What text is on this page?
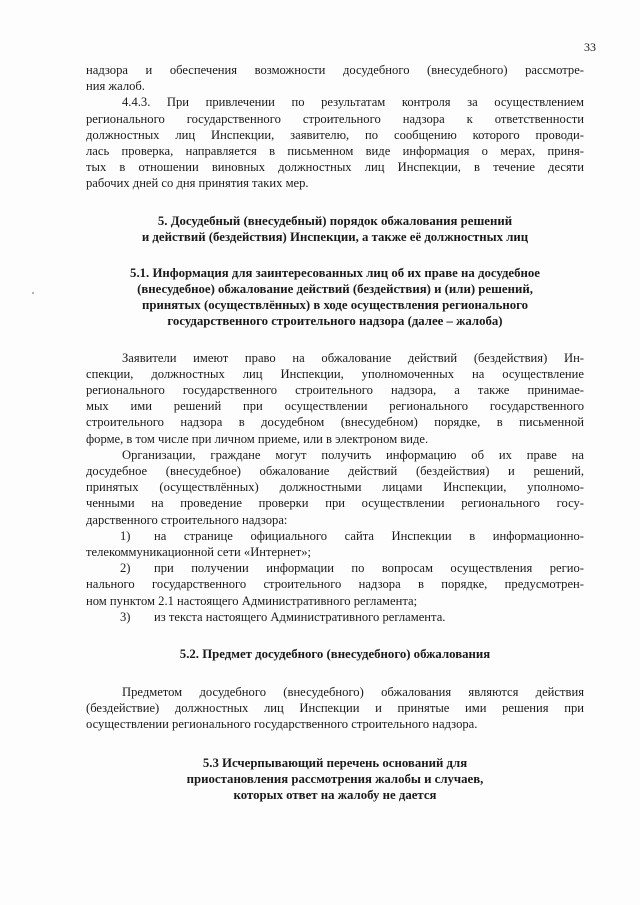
33

надзора и обеспечения возможности досудебного (внесудебного) рассмотре-
ния жалоб.

4.4.3. При привлечении по результатам контроля за осуществлением
регионального государственного строительного надзора к ответственности
должностных лиц Инспекции, заявителю, по сообщению которого проводи-
лась проверка, направляется в письменном виде информация о мерах, приня-
тых в отношении виновных должностных лиц Инспекции, в течение десяти
рабочих дней со дня принятия таких мер.

5. Досудебный (внесудебный) порядок обжалования решений
и действий (бездействия) Инспекции, а также её должностных лиц
5.1. Информация для заинтересованных лиц об их праве на досудебное
(внесудебное) обжалование действий (бездействия) и (или) решений,
принятых (осуществлённых) в ходе осуществления регионального
государственного строительного надзора (далее – жалоба)

Заявители имеют право на обжалование действий (бездействия) Ин-
спекции, должностных лиц Инспекции, уполномоченных на осуществление
регионального государственного строительного надзора, а также принимае-
мых ими решений при осуществлении регионального государственного
строительного надзора в досудебном (внесудебном) порядке, в письменной
форме, в том числе при личном приеме, или в электроном виде.

Организации, граждане могут получить информацию об их праве на
досудебное (внесудебное) обжалование действий (бездействия) и решений,
принятых (осуществлённых) должностными лицами Инспекции, уполномо-
ченными на проведение проверки при осуществлении регионального госу-
дарственного строительного надзора:

1) на странице официального сайта Инспекции в информационно-
телекоммуникационной сети «Интернет»;

2) при получении информации по вопросам осуществления регио-
нального государственного строительного надзора в порядке, предусмотрен-
ном пунктом 2.1 настоящего Административного регламента;

3) из текста настоящего Административного регламента.

5.2. Предмет досудебного (внесудебного) обжалования

Предметом досудебного (внесудебного) обжалования являются действия
(бездействие) должностных лиц Инспекции и принятые ими решения при
осуществлении регионального государственного строительного надзора.

5.3 Исчерпывающий перечень оснований для
приостановления рассмотрения жалобы и случаев,
которых ответ на жалобу не дается
